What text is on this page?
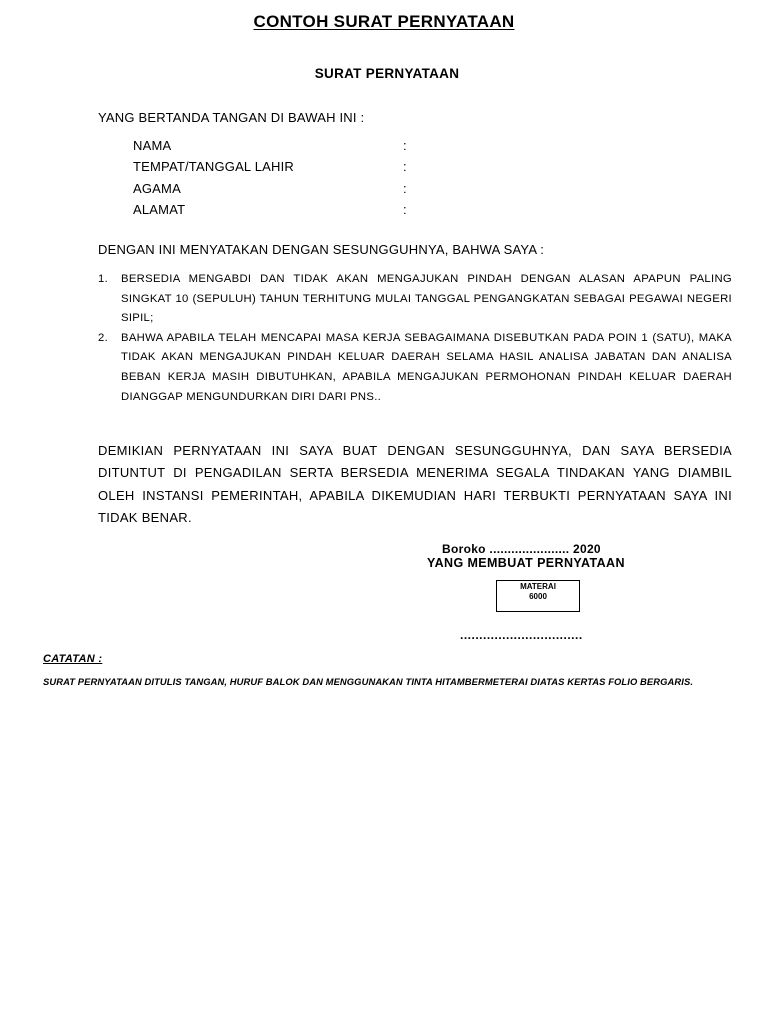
CONTOH SURAT PERNYATAAN
SURAT PERNYATAAN
YANG BERTANDA TANGAN DI BAWAH INI :
NAMA	:
TEMPAT/TANGGAL LAHIR	:
AGAMA	:
ALAMAT	:
DENGAN INI MENYATAKAN DENGAN SESUNGGUHNYA, BAHWA SAYA :
1. BERSEDIA MENGABDI DAN TIDAK AKAN MENGAJUKAN PINDAH DENGAN ALASAN APAPUN PALING SINGKAT 10 (SEPULUH) TAHUN TERHITUNG MULAI TANGGAL PENGANGKATAN SEBAGAI PEGAWAI NEGERI SIPIL;
2. BAHWA APABILA TELAH MENCAPAI MASA KERJA SEBAGAIMANA DISEBUTKAN PADA POIN 1 (SATU), MAKA TIDAK AKAN MENGAJUKAN PINDAH KELUAR DAERAH SELAMA HASIL ANALISA JABATAN DAN ANALISA BEBAN KERJA MASIH DIBUTUHKAN, APABILA MENGAJUKAN PERMOHONAN PINDAH KELUAR DAERAH DIANGGAP MENGUNDURKAN DIRI DARI PNS..
DEMIKIAN PERNYATAAN INI SAYA BUAT DENGAN SESUNGGUHNYA, DAN SAYA BERSEDIA DITUNTUT DI PENGADILAN SERTA BERSEDIA MENERIMA SEGALA TINDAKAN YANG DIAMBIL OLEH INSTANSI PEMERINTAH, APABILA DIKEMUDIAN HARI TERBUKTI PERNYATAAN SAYA INI TIDAK BENAR.
Boroko ...................... 2020
YANG MEMBUAT PERNYATAAN
MATERAI
6000
................................
CATATAN :
SURAT PERNYATAAN DITULIS TANGAN, HURUF BALOK DAN MENGGUNAKAN TINTA HITAMBERMETERAI DIATAS KERTAS FOLIO BERGARIS.
